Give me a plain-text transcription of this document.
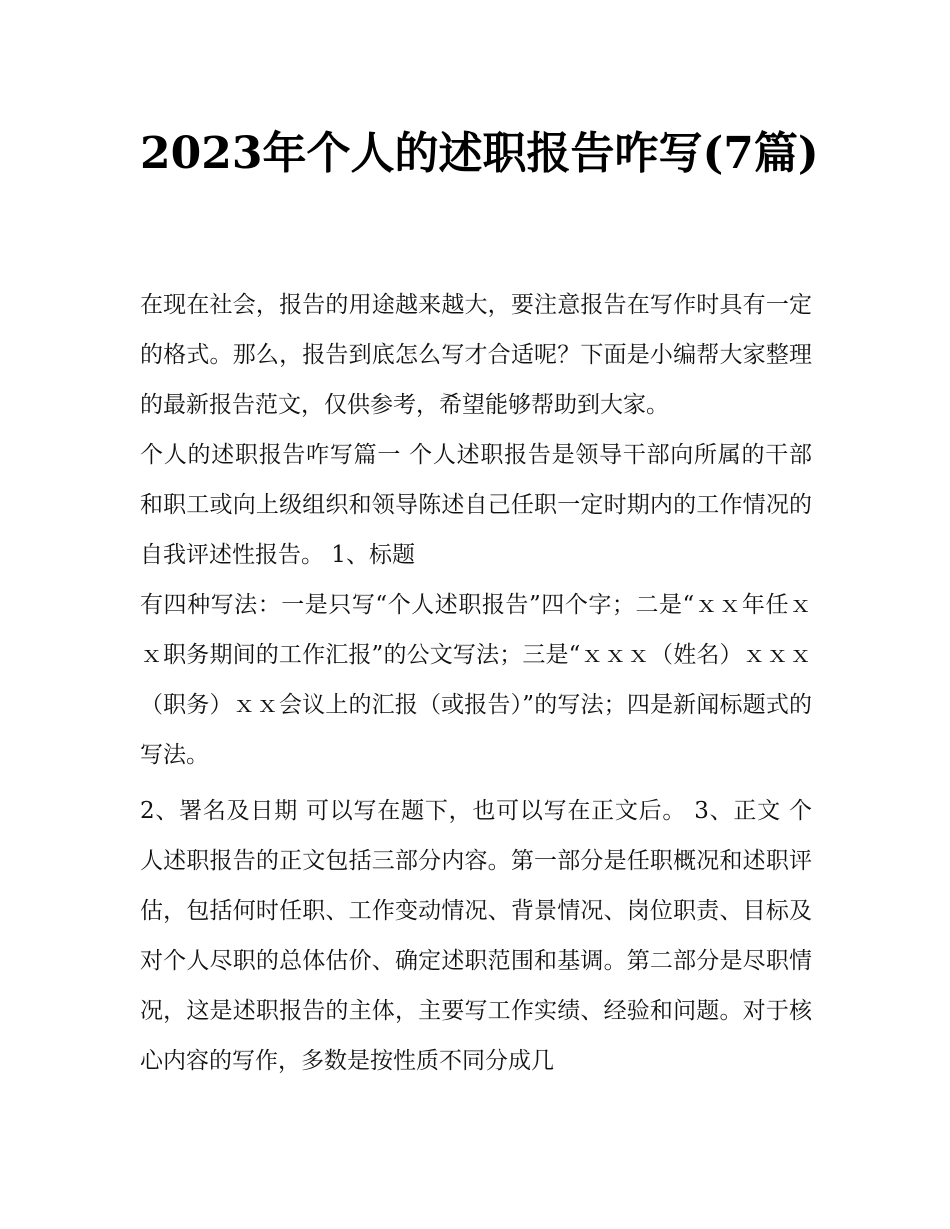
2023年个人的述职报告咋写(7篇)

在现在社会，报告的用途越来越大，要注意报告在写作时具有一定的格式。那么，报告到底怎么写才合适呢？下面是小编帮大家整理的最新报告范文，仅供参考，希望能够帮助到大家。

个人的述职报告咋写篇一 个人述职报告是领导干部向所属的干部和职工或向上级组织和领导陈述自己任职一定时期内的工作情况的自我评述性报告。 1、标题

有四种写法：一是只写“个人述职报告”四个字；二是“ｘｘ年任ｘｘ职务期间的工作汇报”的公文写法；三是“ｘｘｘ（姓名）ｘｘｘ（职务）ｘｘ会议上的汇报（或报告）”的写法；四是新闻标题式的写法。

2、署名及日期 可以写在题下，也可以写在正文后。 3、正文 个人述职报告的正文包括三部分内容。第一部分是任职概况和述职评估，包括何时任职、工作变动情况、背景情况、岗位职责、目标及对个人尽职的总体估价、确定述职范围和基调。第二部分是尽职情况，这是述职报告的主体，主要写工作实绩、经验和问题。对于核心内容的写作，多数是按性质不同分成几
